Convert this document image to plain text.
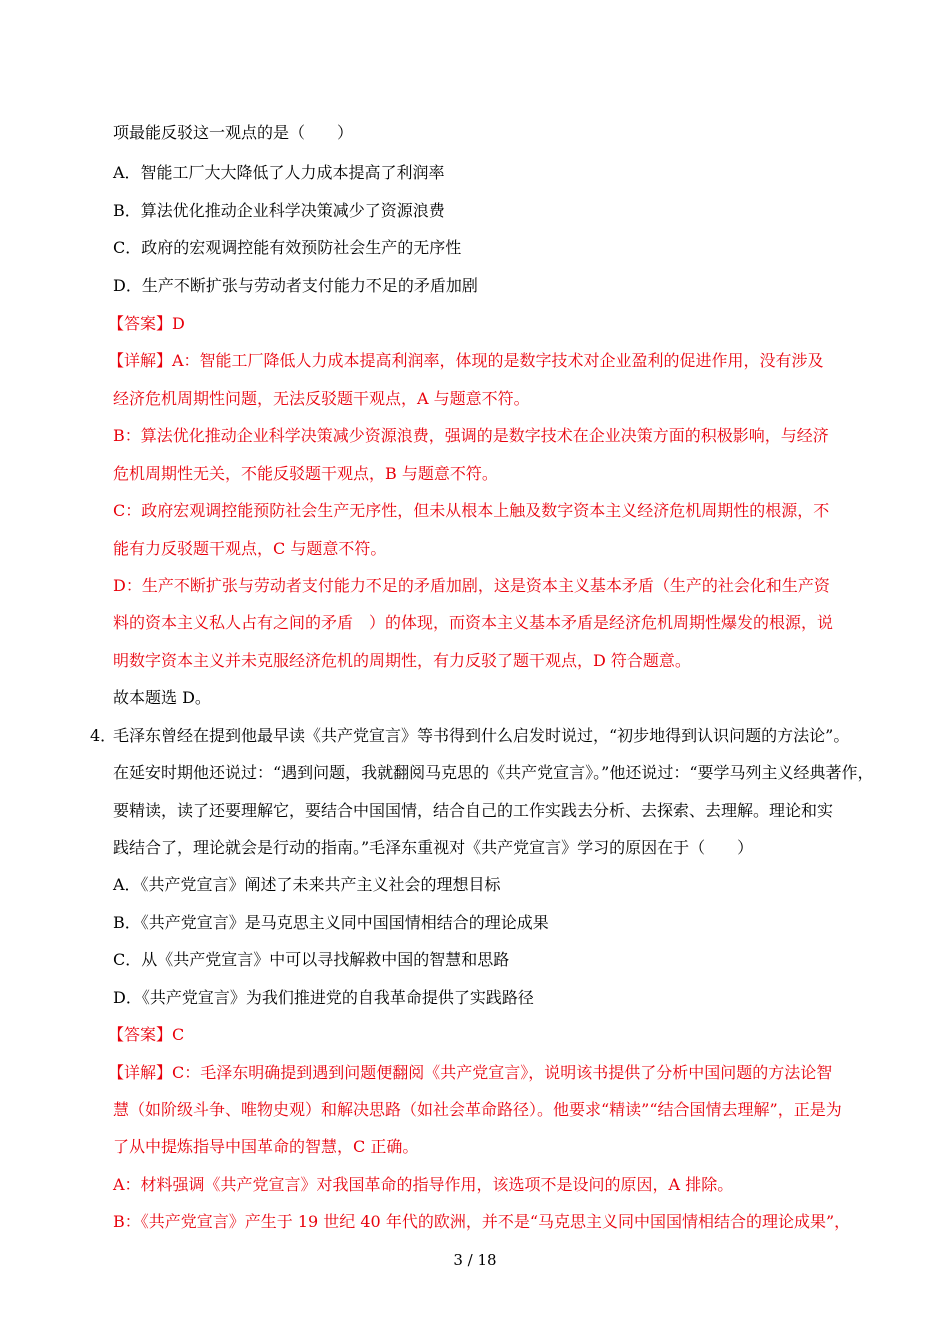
项最能反驳这一观点的是（　　）
A．智能工厂大大降低了人力成本提高了利润率
B．算法优化推动企业科学决策减少了资源浪费
C．政府的宏观调控能有效预防社会生产的无序性
D．生产不断扩张与劳动者支付能力不足的矛盾加剧
【答案】D
【详解】A：智能工厂降低人力成本提高利润率，体现的是数字技术对企业盈利的促进作用，没有涉及
经济危机周期性问题，无法反驳题干观点，A 与题意不符。
B：算法优化推动企业科学决策减少资源浪费，强调的是数字技术在企业决策方面的积极影响，与经济
危机周期性无关，不能反驳题干观点，B 与题意不符。
C：政府宏观调控能预防社会生产无序性，但未从根本上触及数字资本主义经济危机周期性的根源，不
能有力反驳题干观点，C 与题意不符。
D：生产不断扩张与劳动者支付能力不足的矛盾加剧，这是资本主义基本矛盾（生产的社会化和生产资
料的资本主义私人占有之间的矛盾　）的体现，而资本主义基本矛盾是经济危机周期性爆发的根源，说
明数字资本主义并未克服经济危机的周期性，有力反驳了题干观点，D 符合题意。
故本题选 D。
4．
毛泽东曾经在提到他最早读《共产党宣言》等书得到什么启发时说过，“初步地得到认识问题的方法论”。
在延安时期他还说过：“遇到问题，我就翻阅马克思的《共产党宣言》。”他还说过：“要学马列主义经典著作，
要精读，读了还要理解它，要结合中国国情，结合自己的工作实践去分析、去探索、去理解。理论和实
践结合了，理论就会是行动的指南。”毛泽东重视对《共产党宣言》学习的原因在于（　　）
A．《共产党宣言》阐述了未来共产主义社会的理想目标
B．《共产党宣言》是马克思主义同中国国情相结合的理论成果
C．从《共产党宣言》中可以寻找解救中国的智慧和思路
D．《共产党宣言》为我们推进党的自我革命提供了实践路径
【答案】C
【详解】C：毛泽东明确提到遇到问题便翻阅《共产党宣言》，说明该书提供了分析中国问题的方法论智
慧（如阶级斗争、唯物史观）和解决思路（如社会革命路径）。他要求“精读”“结合国情去理解”，正是为
了从中提炼指导中国革命的智慧，C 正确。
A：材料强调《共产党宣言》对我国革命的指导作用，该选项不是设问的原因，A 排除。
B：《共产党宣言》产生于 19 世纪 40 年代的欧洲，并不是“马克思主义同中国国情相结合的理论成果”，
3 / 18
